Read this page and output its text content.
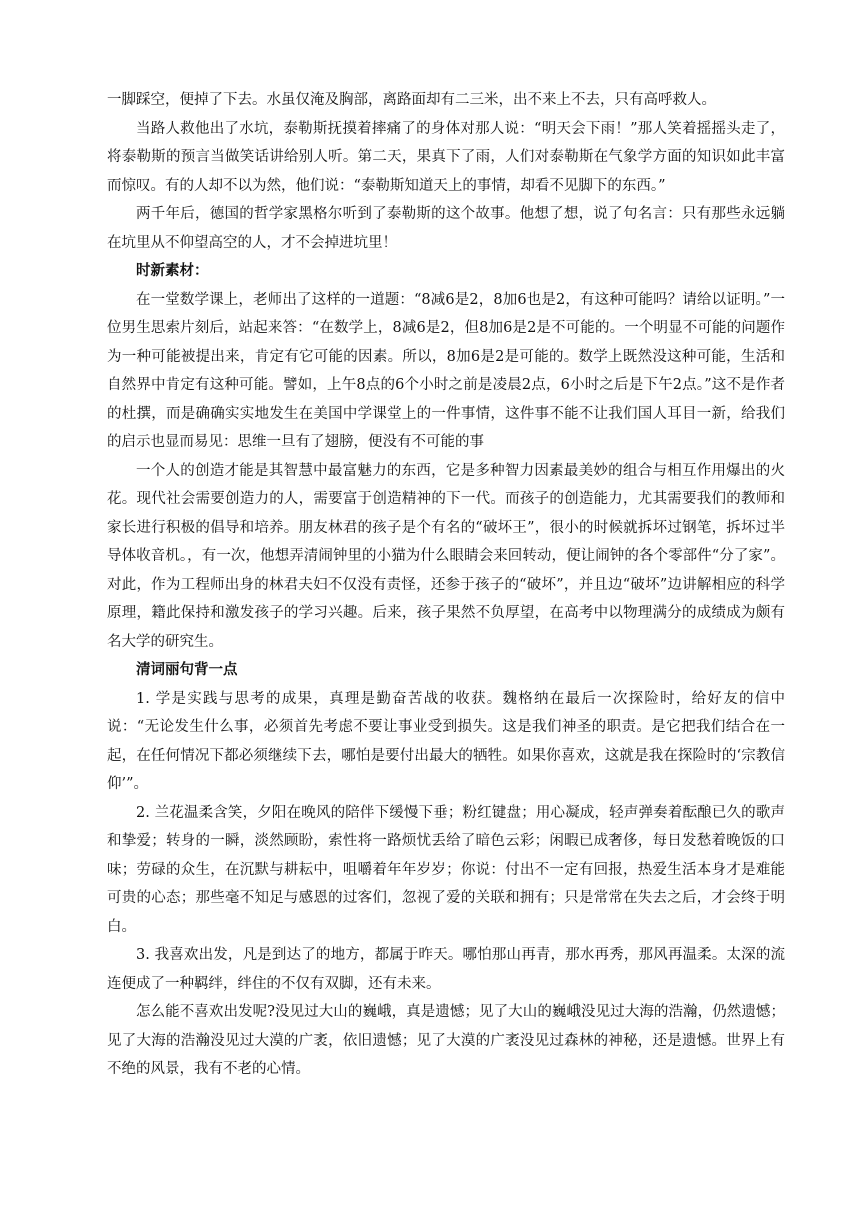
一脚踩空，便掉了下去。水虽仅淹及胸部，离路面却有二三米，出不来上不去，只有高呼救人。

当路人救他出了水坑，泰勒斯抚摸着摔痛了的身体对那人说：“明天会下雨！”那人笑着摇摇头走了，将泰勒斯的预言当做笑话讲给别人听。第二天，果真下了雨，人们对泰勒斯在气象学方面的知识如此丰富而惊叹。有的人却不以为然，他们说：“泰勒斯知道天上的事情，却看不见脚下的东西。”

两千年后，德国的哲学家黑格尔听到了泰勒斯的这个故事。他想了想，说了句名言：只有那些永远躺在坑里从不仰望高空的人，才不会掉进坑里！

时新素材：

在一堂数学课上，老师出了这样的一道题：“8减6是2，8加6也是2，有这种可能吗？请给以证明。”一位男生思索片刻后，站起来答：“在数学上，8减6是2，但8加6是2是不可能的。一个明显不可能的问题作为一种可能被提出来，肯定有它可能的因素。所以，8加6是2是可能的。数学上既然没这种可能，生活和自然界中肯定有这种可能。譬如，上午8点的6个小时之前是凌晨2点，6小时之后是下午2点。”这不是作者的杜撰，而是确确实实地发生在美国中学课堂上的一件事情，这件事不能不让我们国人耳目一新，给我们的启示也显而易见：思维一旦有了翅膀，便没有不可能的事

一个人的创造才能是其智慧中最富魅力的东西，它是多种智力因素最美妙的组合与相互作用爆出的火花。现代社会需要创造力的人，需要富于创造精神的下一代。而孩子的创造能力，尤其需要我们的教师和家长进行积极的倡导和培养。朋友林君的孩子是个有名的“破坏王”，很小的时候就拆坏过钢笔，拆坏过半导体收音机。，有一次，他想弄清闹钟里的小猫为什么眼睛会来回转动，便让闹钟的各个零部件“分了家”。对此，作为工程师出身的林君夫妇不仅没有责怪，还参于孩子的“破坏”，并且边“破坏”边讲解相应的科学原理，籍此保持和激发孩子的学习兴趣。后来，孩子果然不负厚望，在高考中以物理满分的成绩成为颇有名大学的研究生。

清词丽句背一点

1. 学是实践与思考的成果，真理是勤奋苦战的收获。魏格纳在最后一次探险时，给好友的信中说：“无论发生什么事，必须首先考虑不要让事业受到损失。这是我们神圣的职责。是它把我们结合在一起，在任何情况下都必须继续下去，哪怕是要付出最大的牺牲。如果你喜欢，这就是我在探险时的‘宗教信仰’”。

2. 兰花温柔含笑，夕阳在晚风的陪伴下缓慢下垂；粉红键盘；用心凝成，轻声弹奏着酝酿已久的歌声和挚爱；转身的一瞬，淡然顾盼，索性将一路烦忧丢给了暗色云彩；闲暇已成奢侈，每日发愁着晚饭的口味；劳碌的众生，在沉默与耕耘中，咀嚼着年年岁岁；你说：付出不一定有回报，热爱生活本身才是难能可贵的心态；那些毫不知足与感恩的过客们，忽视了爱的关联和拥有；只是常常在失去之后，才会终于明白。

3. 我喜欢出发，凡是到达了的地方，都属于昨天。哪怕那山再青，那水再秀，那风再温柔。太深的流连便成了一种羁绊，绊住的不仅有双脚，还有未来。

怎么能不喜欢出发呢?没见过大山的巍峨，真是遗憾；见了大山的巍峨没见过大海的浩瀚，仍然遗憾；见了大海的浩瀚没见过大漠的广袤，依旧遗憾；见了大漠的广袤没见过森林的神秘，还是遗憾。世界上有不绝的风景，我有不老的心情。
